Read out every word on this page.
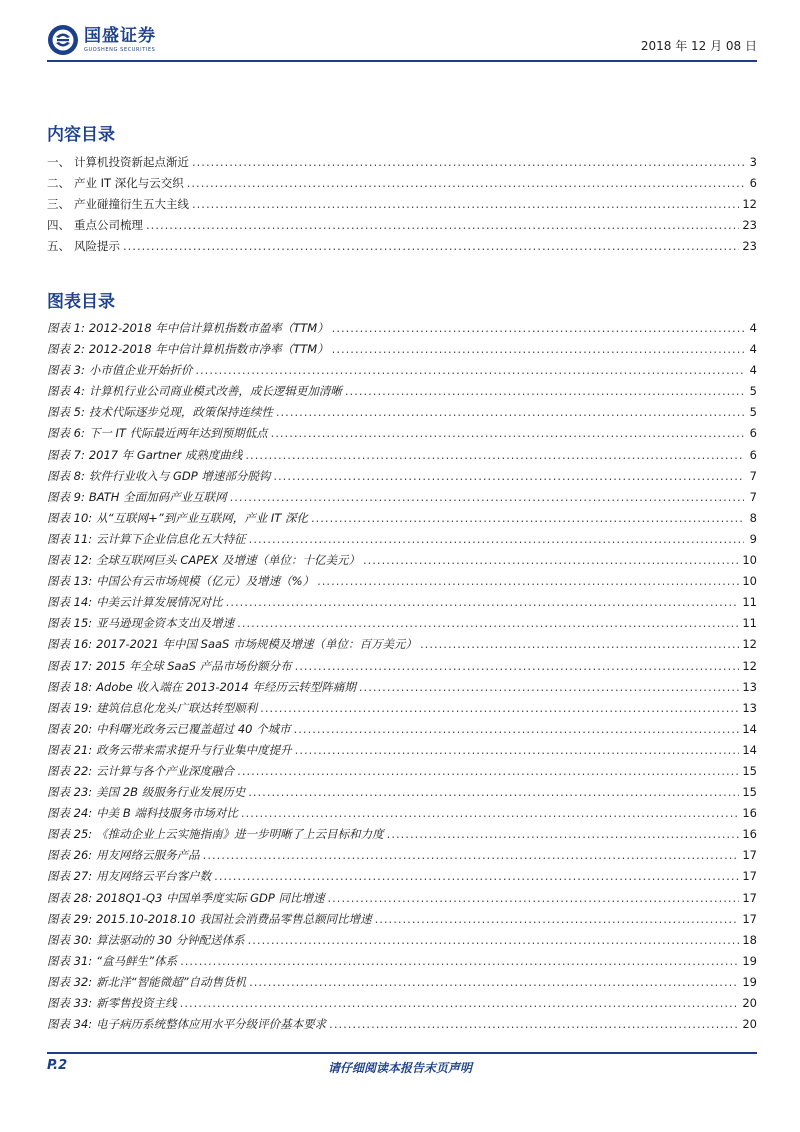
国盛证券
GUOSHENG SECURITIES	2018 年 12 月 08 日
内容目录
一、 计算机投资新起点渐近 .....	3
二、 产业 IT 深化与云交织 .....	6
三、 产业碰撞衍生五大主线 .....	12
四、 重点公司梳理 .....	23
五、 风险提示 .....	23
图表目录
图表 1: 2012-2018 年中信计算机指数市盈率（TTM） .....	4
图表 2: 2012-2018 年中信计算机指数市净率（TTM） .....	4
图表 3: 小市值企业开始折价 .....	4
图表 4: 计算机行业公司商业模式改善，成长逻辑更加清晰 .....	5
图表 5: 技术代际逐步兑现，政策保持连续性 .....	5
图表 6: 下一 IT 代际最近两年达到预期低点 .....	6
图表 7: 2017 年 Gartner 成熟度曲线 .....	6
图表 8: 软件行业收入与 GDP 增速部分脱钩 .....	7
图表 9: BATH 全面加码产业互联网 .....	7
图表 10: 从“互联网+”到产业互联网，产业 IT 深化 .....	8
图表 11: 云计算下企业信息化五大特征 .....	9
图表 12: 全球互联网巨头 CAPEX 及增速（单位：十亿美元） .....	10
图表 13: 中国公有云市场规模（亿元）及增速（%） .....	10
图表 14: 中美云计算发展情况对比 .....	11
图表 15: 亚马逊现金资本支出及增速 .....	11
图表 16: 2017-2021 年中国 SaaS 市场规模及增速（单位：百万美元） .....	12
图表 17: 2015 年全球 SaaS 产品市场份额分布 .....	12
图表 18: Adobe 收入端在 2013-2014 年经历云转型阵痛期 .....	13
图表 19: 建筑信息化龙头广联达转型顺利 .....	13
图表 20: 中科曙光政务云已覆盖超过 40 个城市 .....	14
图表 21: 政务云带来需求提升与行业集中度提升 .....	14
图表 22: 云计算与各个产业深度融合 .....	15
图表 23: 美国 2B 级服务行业发展历史 .....	15
图表 24: 中美 B 端科技服务市场对比 .....	16
图表 25: 《推动企业上云实施指南》进一步明晰了上云目标和力度 .....	16
图表 26: 用友网络云服务产品 .....	17
图表 27: 用友网络云平台客户数 .....	17
图表 28: 2018Q1-Q3 中国单季度实际 GDP 同比增速 .....	17
图表 29: 2015.10-2018.10 我国社会消费品零售总额同比增速 .....	17
图表 30: 算法驱动的 30 分钟配送体系 .....	18
图表 31: “盒马鲜生”体系 .....	19
图表 32: 新北洋“智能微超”自动售货机 .....	19
图表 33: 新零售投资主线 .....	20
图表 34: 电子病历系统整体应用水平分级评价基本要求 .....	20
P.2	请仔细阅读本报告末页声明
